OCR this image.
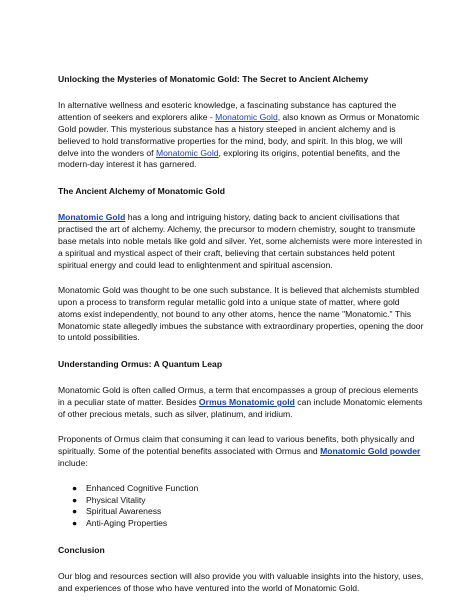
Unlocking the Mysteries of Monatomic Gold: The Secret to Ancient Alchemy

In alternative wellness and esoteric knowledge, a fascinating substance has captured the attention of seekers and explorers alike - Monatomic Gold, also known as Ormus or Monatomic Gold powder. This mysterious substance has a history steeped in ancient alchemy and is believed to hold transformative properties for the mind, body, and spirit. In this blog, we will delve into the wonders of Monatomic Gold, exploring its origins, potential benefits, and the modern-day interest it has garnered.

The Ancient Alchemy of Monatomic Gold

Monatomic Gold has a long and intriguing history, dating back to ancient civilisations that practised the art of alchemy. Alchemy, the precursor to modern chemistry, sought to transmute base metals into noble metals like gold and silver. Yet, some alchemists were more interested in a spiritual and mystical aspect of their craft, believing that certain substances held potent spiritual energy and could lead to enlightenment and spiritual ascension.

Monatomic Gold was thought to be one such substance. It is believed that alchemists stumbled upon a process to transform regular metallic gold into a unique state of matter, where gold atoms exist independently, not bound to any other atoms, hence the name "Monatomic." This Monatomic state allegedly imbues the substance with extraordinary properties, opening the door to untold possibilities.

Understanding Ormus: A Quantum Leap

Monatomic Gold is often called Ormus, a term that encompasses a group of precious elements in a peculiar state of matter. Besides Ormus Monatomic gold can include Monatomic elements of other precious metals, such as silver, platinum, and iridium.

Proponents of Ormus claim that consuming it can lead to various benefits, both physically and spiritually. Some of the potential benefits associated with Ormus and Monatomic Gold powder include:

● Enhanced Cognitive Function
● Physical Vitality
● Spiritual Awareness
● Anti-Aging Properties
Conclusion

Our blog and resources section will also provide you with valuable insights into the history, uses, and experiences of those who have ventured into the world of Monatomic Gold.
